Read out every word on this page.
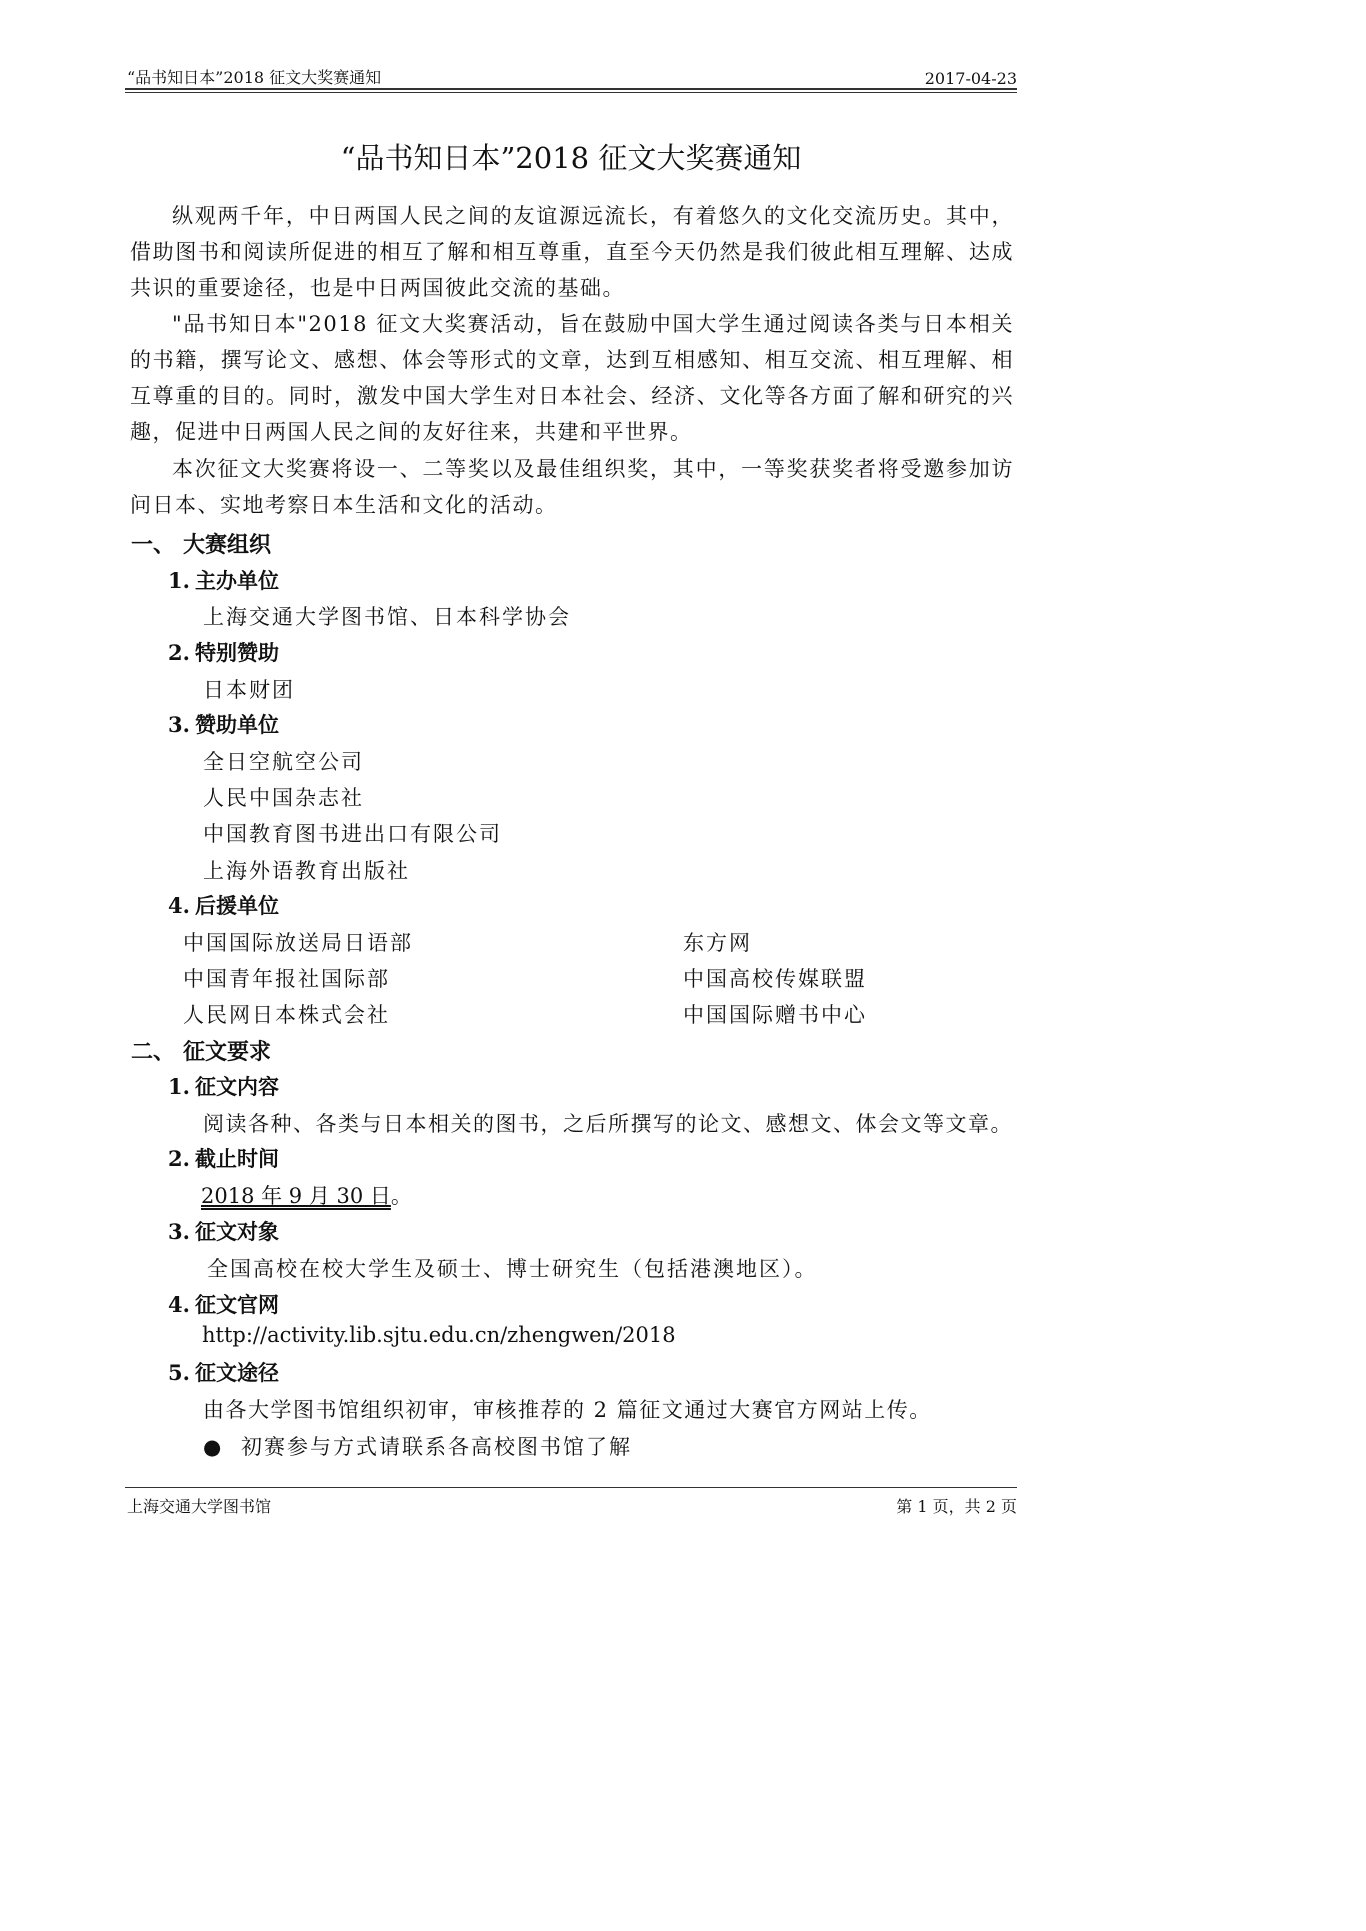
“品书知日本”2018 征文大奖赛通知	2017-04-23
“品书知日本”2018 征文大奖赛通知
纵观两千年，中日两国人民之间的友谊源远流长，有着悠久的文化交流历史。其中，借助图书和阅读所促进的相互了解和相互尊重，直至今天仍然是我们彼此相互理解、达成共识的重要途径，也是中日两国彼此交流的基础。
"品书知日本"2018 征文大奖赛活动，旨在鼓励中国大学生通过阅读各类与日本相关的书籍，撰写论文、感想、体会等形式的文章，达到互相感知、相互交流、相互理解、相互尊重的目的。同时，激发中国大学生对日本社会、经济、文化等各方面了解和研究的兴趣，促进中日两国人民之间的友好往来，共建和平世界。
本次征文大奖赛将设一、二等奖以及最佳组织奖，其中，一等奖获奖者将受邀参加访问日本、实地考察日本生活和文化的活动。
一、 大赛组织
1. 主办单位
上海交通大学图书馆、日本科学协会
2. 特别赞助
日本财团
3. 赞助单位
全日空航空公司
人民中国杂志社
中国教育图书进出口有限公司
上海外语教育出版社
4. 后援单位
中国国际放送局日语部	东方网
中国青年报社国际部	中国高校传媒联盟
人民网日本株式会社	中国国际赠书中心
二、 征文要求
1. 征文内容
阅读各种、各类与日本相关的图书，之后所撰写的论文、感想文、体会文等文章。
2. 截止时间
2018 年 9 月 30 日。
3. 征文对象
全国高校在校大学生及硕士、博士研究生（包括港澳地区）。
4. 征文官网
http://activity.lib.sjtu.edu.cn/zhengwen/2018
5. 征文途径
由各大学图书馆组织初审，审核推荐的 2 篇征文通过大赛官方网站上传。
● 初赛参与方式请联系各高校图书馆了解
上海交通大学图书馆	第 1 页，共 2 页
